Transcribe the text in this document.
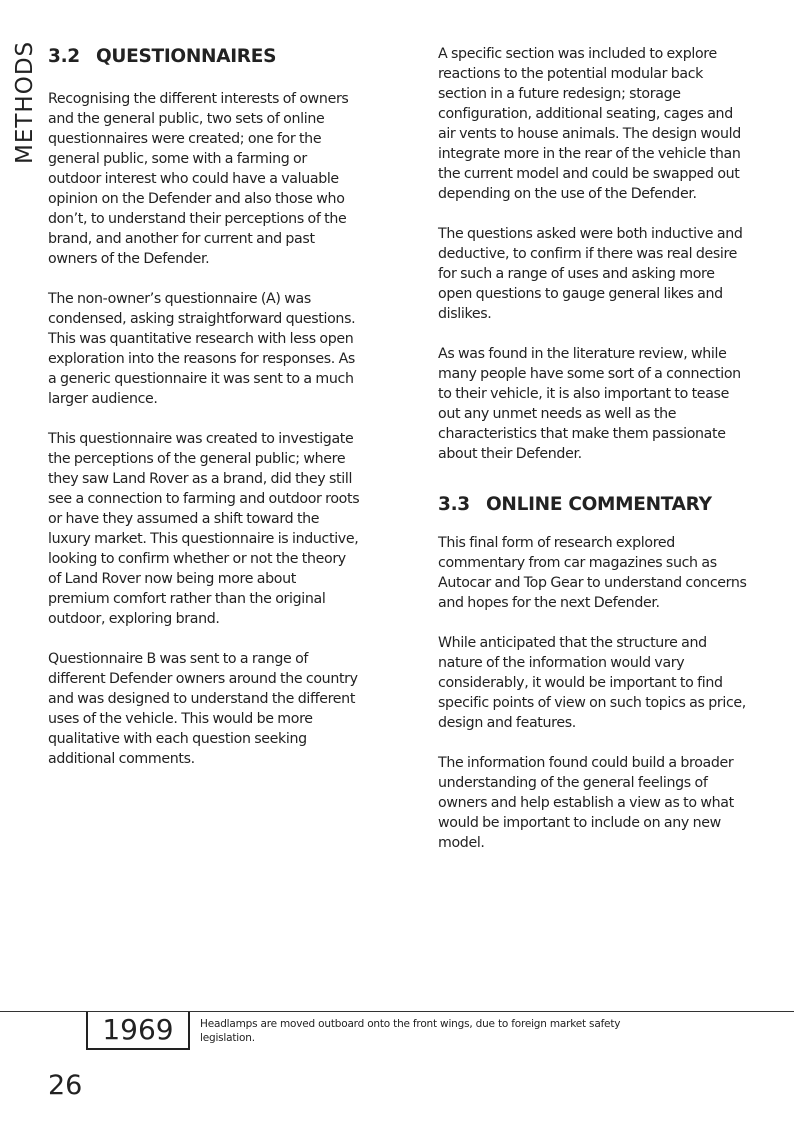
METHODS 3.2 QUESTIONNAIRES

Recognising the different interests of owners and the general public, two sets of online questionnaires were created; one for the general public, some with a farming or outdoor interest who could have a valuable opinion on the Defender and also those who don’t, to understand their perceptions of the brand, and another for current and past owners of the Defender.

The non-owner’s questionnaire (A) was condensed, asking straightforward questions. This was quantitative research with less open exploration into the reasons for responses. As a generic questionnaire it was sent to a much larger audience.

This questionnaire was created to investigate the perceptions of the general public; where they saw Land Rover as a brand, did they still see a connection to farming and outdoor roots or have they assumed a shift toward the luxury market. This questionnaire is inductive, looking to confirm whether or not the theory of Land Rover now being more about premium comfort rather than the original outdoor, exploring brand.

Questionnaire B was sent to a range of different Defender owners around the country and was designed to understand the different uses of the vehicle. This would be more qualitative with each question seeking additional comments.

A specific section was included to explore reactions to the potential modular back section in a future redesign; storage configuration, additional seating, cages and air vents to house animals. The design would integrate more in the rear of the vehicle than the current model and could be swapped out depending on the use of the Defender.

The questions asked were both inductive and deductive, to confirm if there was real desire for such a range of uses and asking more open questions to gauge general likes and dislikes.

As was found in the literature review, while many people have some sort of a connection to their vehicle, it is also important to tease out any unmet needs as well as the characteristics that make them passionate about their Defender.

3.3 ONLINE COMMENTARY

This final form of research explored commentary from car magazines such as Autocar and Top Gear to understand concerns and hopes for the next Defender.

While anticipated that the structure and nature of the information would vary considerably, it would be important to find specific points of view on such topics as price, design and features.

The information found could build a broader understanding of the general feelings of owners and help establish a view as to what would be important to include on any new model.

1969	Headlamps are moved outboard onto the front wings, due to foreign market safety legislation.
26
